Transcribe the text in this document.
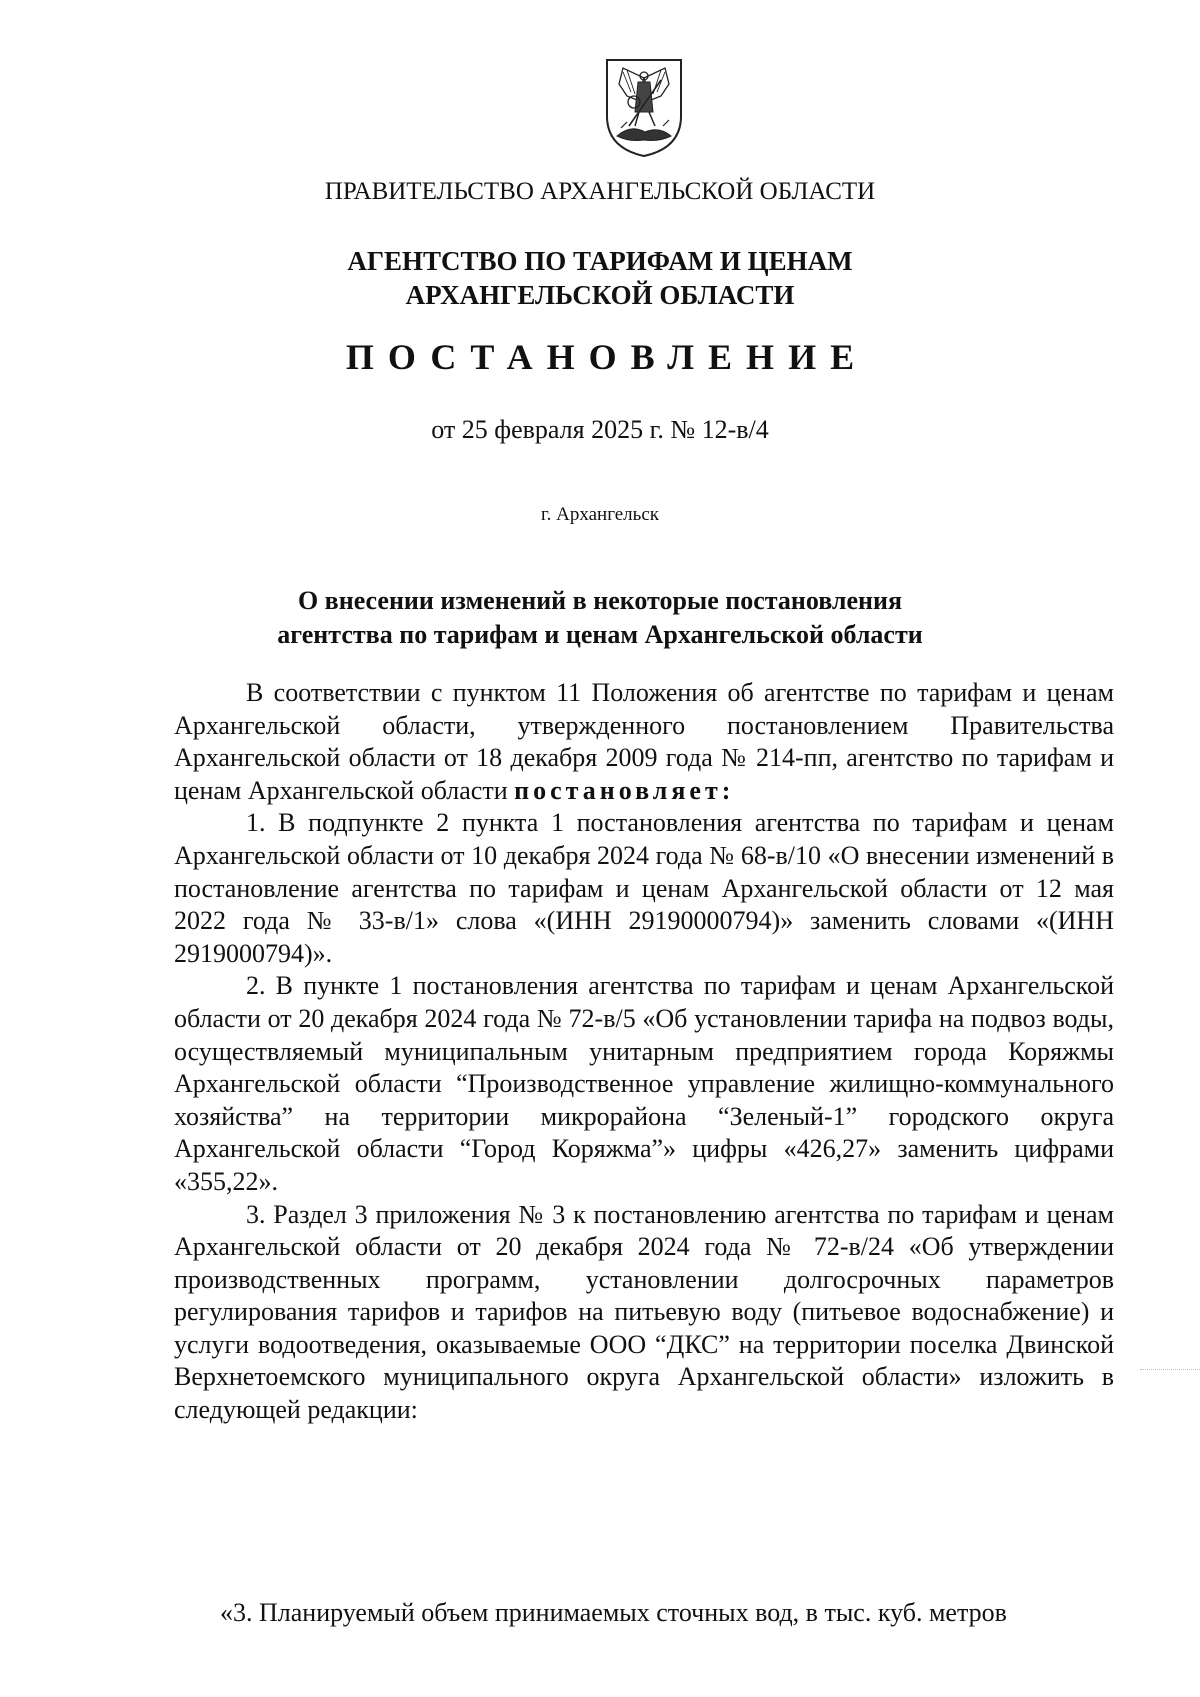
ПРАВИТЕЛЬСТВО АРХАНГЕЛЬСКОЙ ОБЛАСТИ
АГЕНТСТВО ПО ТАРИФАМ И ЦЕНАМ
АРХАНГЕЛЬСКОЙ ОБЛАСТИ
ПОСТАНОВЛЕНИЕ
от 25 февраля 2025 г. № 12-в/4
г. Архангельск
О внесении изменений в некоторые постановления
агентства по тарифам и ценам Архангельской области

В соответствии с пунктом 11 Положения об агентстве по тарифам и ценам Архангельской области, утвержденного постановлением Правительства Архангельской области от 18 декабря 2009 года № 214-пп, агентство по тарифам и ценам Архангельской области постановляет:

1. В подпункте 2 пункта 1 постановления агентства по тарифам и ценам Архангельской области от 10 декабря 2024 года № 68-в/10 «О внесении изменений в постановление агентства по тарифам и ценам Архангельской области от 12 мая 2022 года № 33-в/1» слова «(ИНН 29190000794)» заменить словами «(ИНН 2919000794)».

2. В пункте 1 постановления агентства по тарифам и ценам Архангельской области от 20 декабря 2024 года № 72-в/5 «Об установлении тарифа на подвоз воды, осуществляемый муниципальным унитарным предприятием города Коряжмы Архангельской области “Производственное управление жилищно-коммунального хозяйства” на территории микрорайона “Зеленый-1” городского округа Архангельской области “Город Коряжма”» цифры «426,27» заменить цифрами «355,22».

3. Раздел 3 приложения № 3 к постановлению агентства по тарифам и ценам Архангельской области от 20 декабря 2024 года № 72-в/24 «Об утверждении производственных программ, установлении долгосрочных параметров регулирования тарифов и тарифов на питьевую воду (питьевое водоснабжение) и услуги водоотведения, оказываемые ООО “ДКС” на территории поселка Двинской Верхнетоемского муниципального округа Архангельской области» изложить в следующей редакции:

«3. Планируемый объем принимаемых сточных вод, в тыс. куб. метров
